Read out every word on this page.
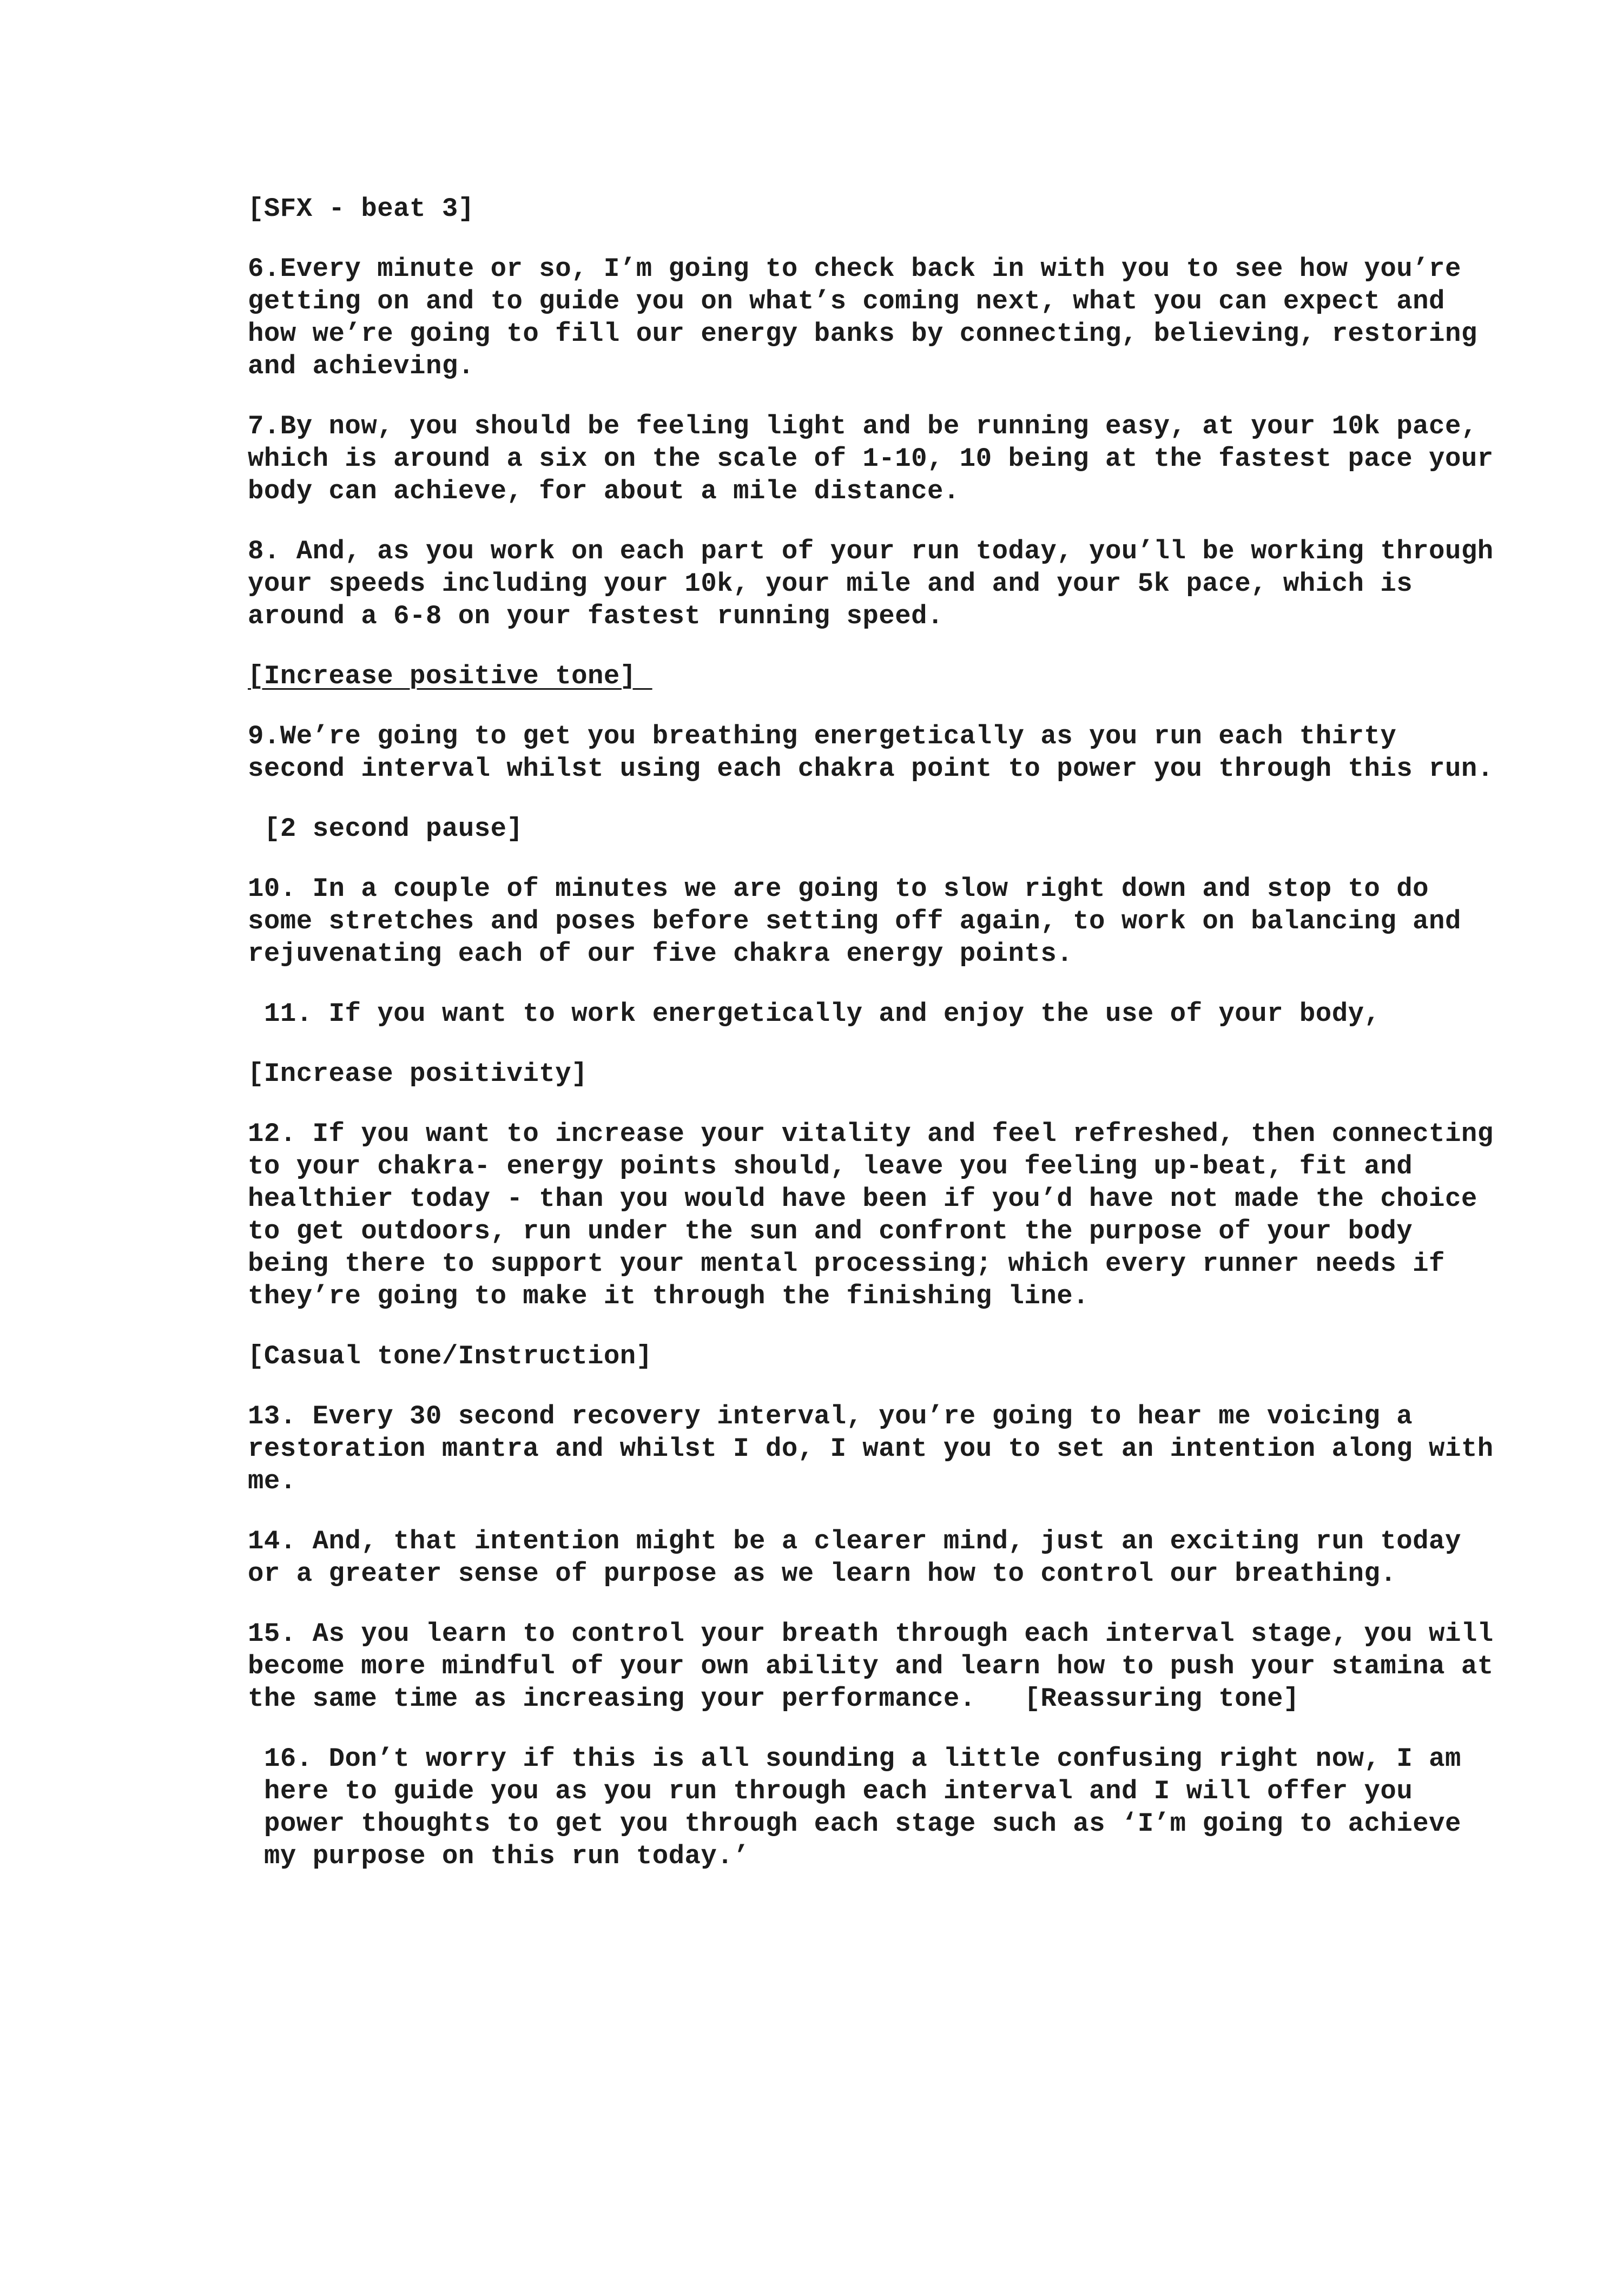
[SFX - beat 3]

6.Every minute or so, I’m going to check back in with you to see how you’re getting on and to guide you on what’s coming next, what you can expect and how we’re going to fill our energy banks by connecting, believing, restoring and achieving.

7.By now, you should be feeling light and be running easy, at your 10k pace, which is around a six on the scale of 1-10, 10 being at the fastest pace your body can achieve, for about a mile distance.

8. And, as you work on each part of your run today, you’ll be working through your speeds including your 10k, your mile and and your 5k pace, which is around a 6-8 on your fastest running speed.

[Increase positive tone]

9.We’re going to get you breathing energetically as you run each thirty second interval whilst using each chakra point to power you through this run.

[2 second pause]

10. In a couple of minutes we are going to slow right down and stop to do some stretches and poses before setting off again, to work on balancing and rejuvenating each of our five chakra energy points.

11. If you want to work energetically and enjoy the use of your body,

[Increase positivity]

12. If you want to increase your vitality and feel refreshed, then connecting to your chakra- energy points should, leave you feeling up-beat, fit and healthier today - than you would have been if you’d have not made the choice to get outdoors, run under the sun and confront the purpose of your body being there to support your mental processing; which every runner needs if they’re going to make it through the finishing line.

[Casual tone/Instruction]

13. Every 30 second recovery interval, you’re going to hear me voicing a restoration mantra and whilst I do, I want you to set an intention along with me.

14. And, that intention might be a clearer mind, just an exciting run today or a greater sense of purpose as we learn how to control our breathing.

15. As you learn to control your breath through each interval stage, you will become more mindful of your own ability and learn how to push your stamina at the same time as increasing your performance.   [Reassuring tone]

16. Don’t worry if this is all sounding a little confusing right now, I am here to guide you as you run through each interval and I will offer you power thoughts to get you through each stage such as ‘I’m going to achieve my purpose on this run today.’
